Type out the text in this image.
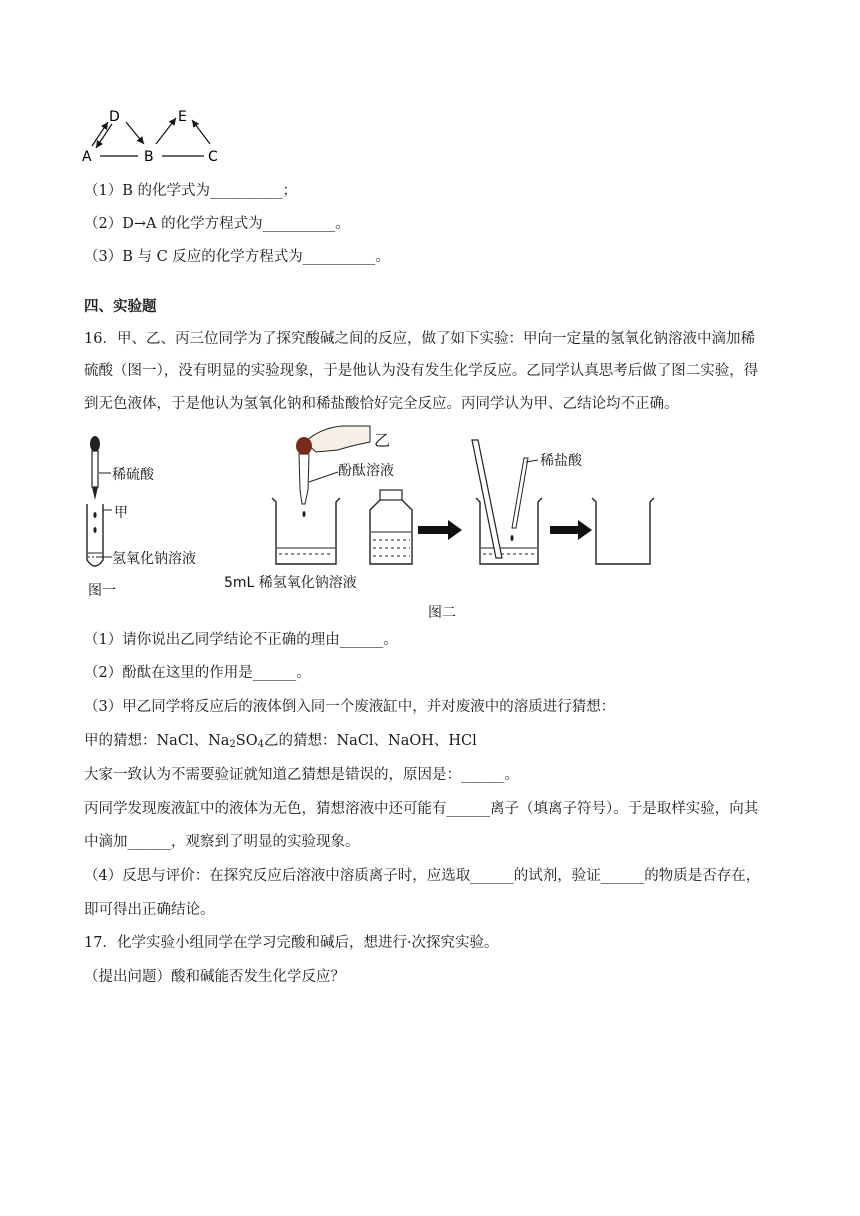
A	B	C
D	E
（1）B 的化学式为__________；
（2）D→A 的化学方程式为__________。
（3）B 与 C 反应的化学方程式为__________。
四、实验题
16．甲、乙、丙三位同学为了探究酸碱之间的反应，做了如下实验：甲向一定量的氢氧化钠溶液中滴加稀
硫酸（图一），没有明显的实验现象，于是他认为没有发生化学反应。乙同学认真思考后做了图二实验，得
到无色液体，于是他认为氢氧化钠和稀盐酸恰好完全反应。丙同学认为甲、乙结论均不正确。
稀硫酸
甲
氢氧化钠溶液
图一
乙
酚酞溶液
稀盐酸
5mL 稀氢氧化钠溶液
图二
（1）请你说出乙同学结论不正确的理由______。
（2）酚酞在这里的作用是______。
（3）甲乙同学将反应后的液体倒入同一个废液缸中，并对废液中的溶质进行猜想：
甲的猜想：NaCl、$Na_2SO_4$乙的猜想：NaCl、NaOH、HCl
大家一致认为不需要验证就知道乙猜想是错误的，原因是：______。
丙同学发现废液缸中的液体为无色，猜想溶液中还可能有______离子（填离子符号）。于是取样实验，向其
中滴加______，观察到了明显的实验现象。
（4）反思与评价：在探究反应后溶液中溶质离子时，应选取______的试剂，验证______的物质是否存在，
即可得出正确结论。
17．化学实验小组同学在学习完酸和碱后，想进行·次探究实验。
（提出问题）酸和碱能否发生化学反应？
